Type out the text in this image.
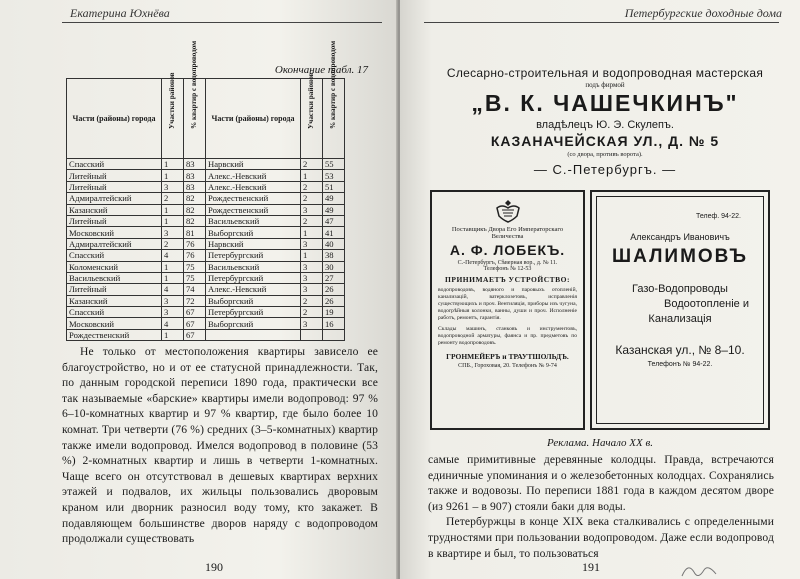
Екатерина Юхнёва
Окончание табл. 17
Части (районы) города	Участки районов	% квартир с водопроводом	Части (районы) города	Участки районов	% квартир с водопроводом

Спасский	1	83	Нарвский	2	55
Литейный	1	83	Алекс.-Невский	1	53
Литейный	3	83	Алекс.-Невский	2	51
Адмиралтейский	2	82	Рождественский	2	49
Казанский	1	82	Рождественский	3	49
Литейный	1	82	Васильевский	2	47
Московский	3	81	Выборгский	1	41
Адмиралтейский	2	76	Нарвский	3	40
Спасский	4	76	Петербургский	1	38
Коломенский	1	75	Васильевский	3	30
Васильевский	1	75	Петербургский	3	27
Литейный	4	74	Алекс.-Невский	3	26
Казанский	3	72	Выборгский	2	26
Спасский	3	67	Петербургский	2	19
Московский	4	67	Выборгский	3	16
Рождественский	1	67			

Не только от местоположения квартиры зависело ее благоустройство, но и от ее статусной принадлежности. Так, по данным городской переписи 1890 года, практически все так называемые «барские» квартиры имели водопровод: 97 % 6–10-комнатных квартир и 97 % квартир, где было более 10 комнат. Три четверти (76 %) средних (3–5-комнатных) квартир также имели водопровод. Имелся водопровод в половине (53 %) 2-комнатных квартир и лишь в четверти 1-комнатных. Чаще всего он отсутствовал в дешевых квартирах верхних этажей и подвалов, их жильцы пользовались дворовым краном или дворник разносил воду тому, кто закажет. В подавляющем большинстве дворов наряду с водопроводом продолжали существовать

190
Петербургские доходные дома
Слесарно-строительная и водопроводная мастерская
подъ фирмой
„В. К. ЧАШЕЧКИНЪ"
владѣлецъ Ю. Э. Скулепъ.
КАЗАНАЧЕЙСКАЯ УЛ., Д. № 5
(со двора, противъ ворота).
— С.-Петербургъ. —
Поставщикъ Двора Его Императорскаго Величества
А. Ф. ЛОБЕКЪ.
С.-Петербургъ, Сѣверная вор., д. № 11.
Телефонъ № 12-53
ПРИНИМАЕТЪ УСТРОЙСТВО:
водопроводовъ, водяного и паровыхъ отопленій, канализацій, ватерклозетовъ, исправленія существующихъ и проч. Вентиляція, приборы изъ чугуна, водогрѣйныя колонки, ванны, души и проч. Исполненіе работъ, ремонтъ, гарантія.
Склады машинъ, станковъ и инструментовъ, водопроводной арматуры, фаянса и пр. предметовъ по ремонту водопроводовъ.
ГРОНМЕЙЕРЪ и ТРАУТШОЛЬДЪ.
СПБ., Гороховая, 20. Телефонъ № 9-74
Телеф. 94-22.
Александръ Ивановичъ
ШАЛИМОВЪ
Газо-Водопроводы
Водоотопленіе и
Канализація
Казанская ул., № 8–10.
Телефонъ № 94-22.
Реклама. Начало ХХ в.

самые примитивные деревянные колодцы. Правда, встречаются единичные упоминания и о железобетонных колодцах. Сохранялись также и водовозы. По переписи 1881 года в каждом десятом дворе (из 9261 – в 907) стояли баки для воды.

Петербуржцы в конце XIX века сталкивались с определенными трудностями при пользовании водопроводом. Даже если водопровод в квартире и был, то пользоваться

191
